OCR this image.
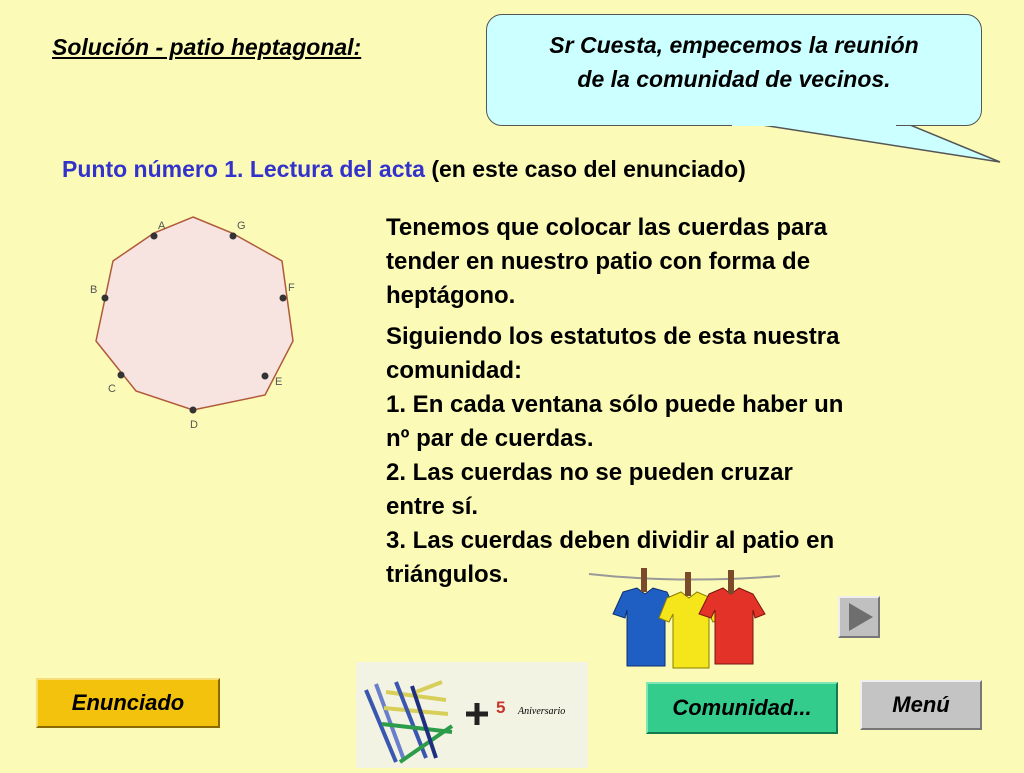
Solución - patio heptagonal:	Sr Cuesta, empecemos la reunión
de la comunidad de vecinos.
Punto número 1. Lectura del acta (en este caso del enunciado)
A	G
B	F
C
E
D

Tenemos que colocar las cuerdas para

tender en nuestro patio con forma de

heptágono.

Siguiendo los estatutos de esta nuestra

comunidad:

1. En cada ventana sólo puede haber un

nº par de cuerdas.

2. Las cuerdas no se pueden cruzar

entre sí.

3. Las cuerdas deben dividir al patio en

triángulos.

5 Aniversario
Enunciado	Comunidad...	Menú
